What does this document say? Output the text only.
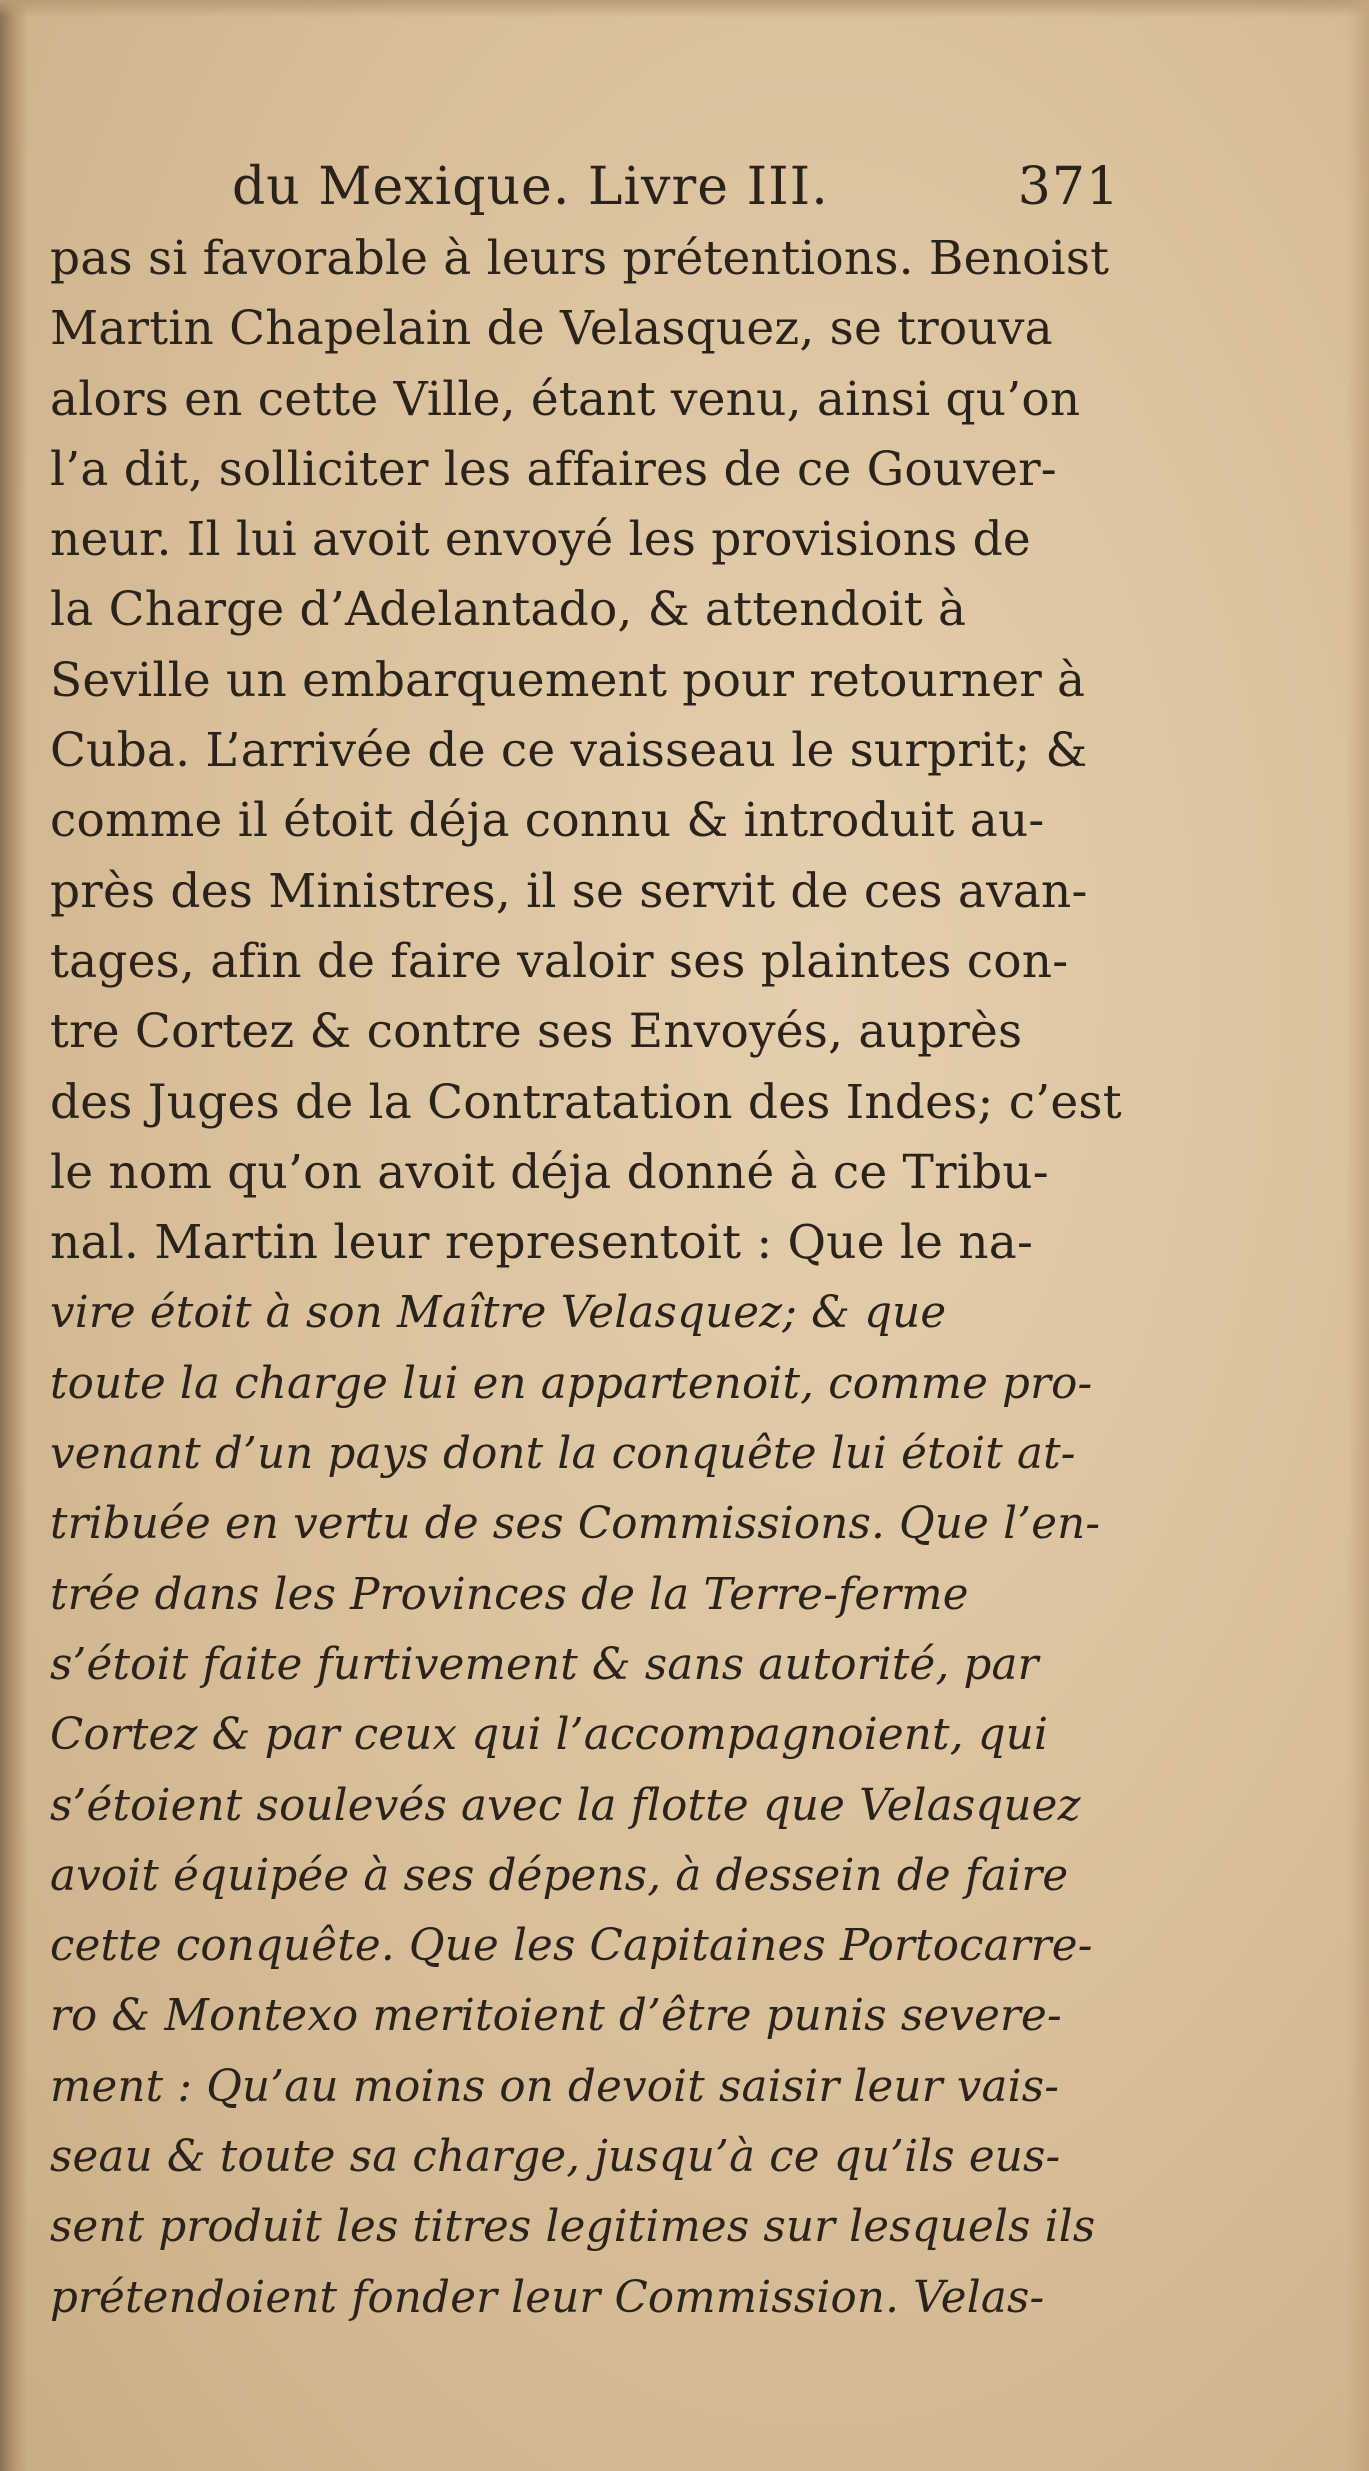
du Mexique. Livre III.	371
pas si favorable à leurs prétentions. Benoist
Martin Chapelain de Velasquez, se trouva
alors en cette Ville, étant venu, ainsi qu’on
l’a dit, solliciter les affaires de ce Gouver-
neur. Il lui avoit envoyé les provisions de
la Charge d’Adelantado, & attendoit à
Seville un embarquement pour retourner à
Cuba. L’arrivée de ce vaisseau le surprit; &
comme il étoit déja connu & introduit au-
près des Ministres, il se servit de ces avan-
tages, afin de faire valoir ses plaintes con-
tre Cortez & contre ses Envoyés, auprès
des Juges de la Contratation des Indes; c’est
le nom qu’on avoit déja donné à ce Tribu-
nal. Martin leur representoit : Que le na-
vire étoit à son Maître Velasquez; & que
toute la charge lui en appartenoit, comme pro-
venant d’un pays dont la conquête lui étoit at-
tribuée en vertu de ses Commissions. Que l’en-
trée dans les Provinces de la Terre-ferme
s’étoit faite furtivement & sans autorité, par
Cortez & par ceux qui l’accompagnoient, qui
s’étoient soulevés avec la flotte que Velasquez
avoit équipée à ses dépens, à dessein de faire
cette conquête. Que les Capitaines Portocarre-
ro & Montexo meritoient d’être punis severe-
ment : Qu’au moins on devoit saisir leur vais-
seau & toute sa charge, jusqu’à ce qu’ils eus-
sent produit les titres legitimes sur lesquels ils
prétendoient fonder leur Commission. Velas-
